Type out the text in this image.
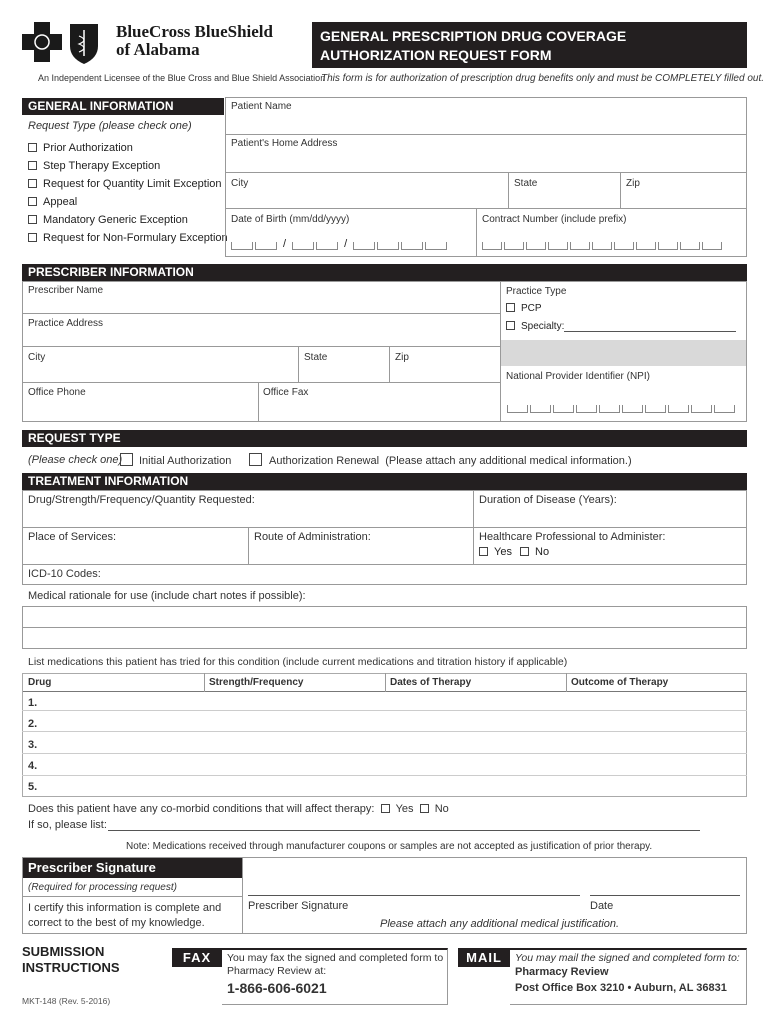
BlueCross BlueShield
of Alabama
An Independent Licensee of the Blue Cross and Blue Shield Association
GENERAL PRESCRIPTION DRUG COVERAGE
AUTHORIZATION REQUEST FORM
This form is for authorization of prescription drug benefits only and must be COMPLETELY filled out.
GENERAL INFORMATION
Request Type (please check one)
Prior Authorization
Step Therapy Exception
Request for Quantity Limit Exception
Appeal
Mandatory Generic Exception
Request for Non-Formulary Exception
Patient Name
Patient's Home Address
City	State	Zip
Date of Birth (mm/dd/yyyy)	Contract Number (include prefix)
/	/
PRESCRIBER INFORMATION
Prescriber Name	Practice Type
PCP
Specialty:
Practice Address
City	State	Zip
National Provider Identifier (NPI)
Office Phone	Office Fax
REQUEST TYPE
(Please check one) Initial Authorization	Authorization Renewal (Please attach any additional medical information.)
TREATMENT INFORMATION
Drug/Strength/Frequency/Quantity Requested:	Duration of Disease (Years):
Place of Services:	Route of Administration:	Healthcare Professional to Administer:
Yes	No
ICD-10 Codes:
Medical rationale for use (include chart notes if possible):
List medications this patient has tried for this condition (include current medications and titration history if applicable)
Drug	Strength/Frequency	Dates of Therapy	Outcome of Therapy
1.
2.
3.
4.
5.
Does this patient have any co-morbid conditions that will affect therapy: Yes No
If so, please list:
Note: Medications received through manufacturer coupons or samples are not accepted as justification of prior therapy.
Prescriber Signature
(Required for processing request)
I certify this information is complete and
correct to the best of my knowledge.
Prescriber Signature	Date
Please attach any additional medical justification.
SUBMISSION
INSTRUCTIONS
FAX	You may fax the signed and completed form to
Pharmacy Review at:
1-866-606-6021
MAIL	You may mail the signed and completed form to:
Pharmacy Review
Post Office Box 3210 • Auburn, AL 36831
MKT-148 (Rev. 5-2016)
